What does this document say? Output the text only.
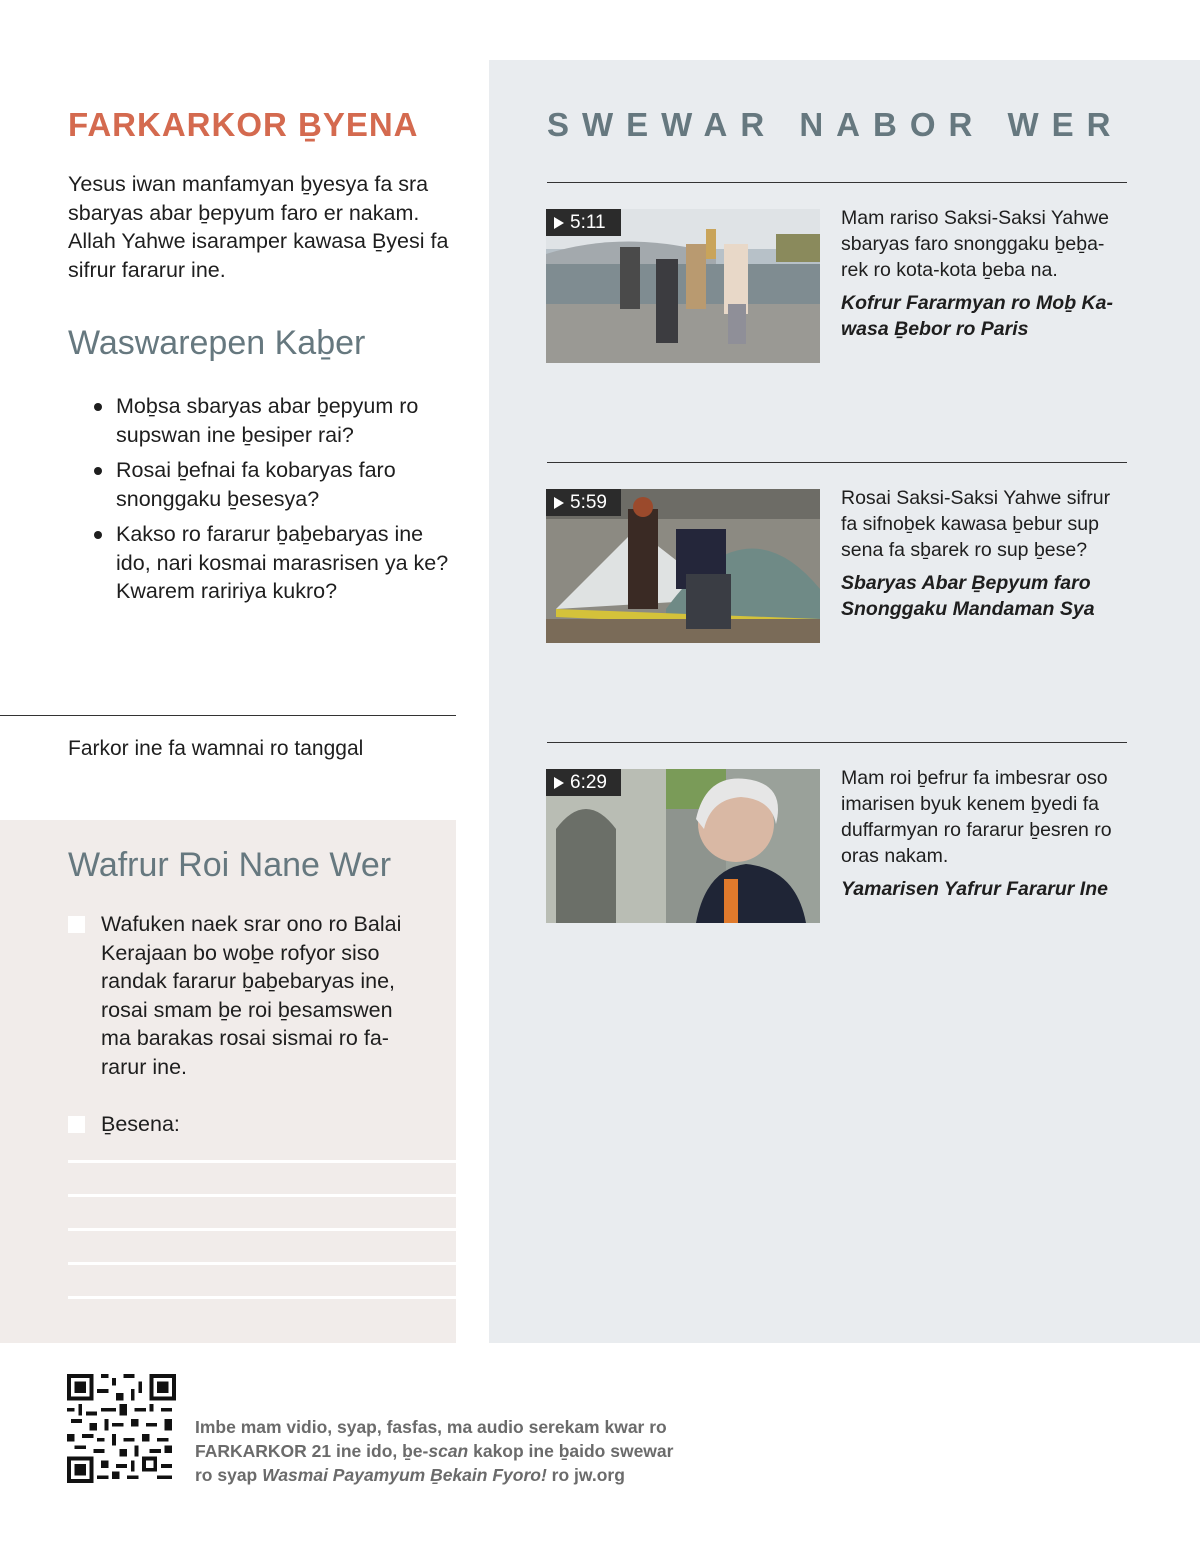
FARKARKOR ḆYENA

Yesus iwan manfamyan ḇyesya fa sra sbaryas abar ḇepyum faro er nakam. Allah Yahwe isaramper kawasa Ḇyesi fa sifrur fararur ine.

Waswarepen Kaḇer
Moḇsa sbaryas abar ḇepyum ro supswan ine ḇesiper rai?
Rosai ḇefnai fa kobaryas faro snonggaku ḇesesya?
Kakso ro fararur ḇaḇebaryas ine ido, nari kosmai marasrisen ya ke? Kwarem raririya kukro?
Farkor ine fa wamnai ro tanggal
Wafrur Roi Nane Wer
Wafuken naek srar ono ro Balai Kerajaan bo woḇe rofyor siso randak fararur ḇaḇebaryas ine, rosai smam ḇe roi ḇesamswen ma barakas rosai sismai ro fa-rarur ine.
Ḇesena:
SWEWAR NABOR WER
5:11	Mam rariso Saksi-Saksi Yahwe sbaryas faro snonggaku ḇeḇa-rek ro kota-kota ḇeba na.
Kofrur Fararmyan ro Moḇ Ka-wasa Ḇebor ro Paris
5:59	Rosai Saksi-Saksi Yahwe sifrur fa sifnoḇek kawasa ḇebur sup sena fa sḇarek ro sup ḇese?
Sbaryas Abar Ḇepyum faro Snonggaku Mandaman Sya
6:29	Mam roi ḇefrur fa imbesrar oso imarisen byuk kenem ḇyedi fa duffarmyan ro fararur ḇesren ro oras nakam.
Yamarisen Yafrur Fararur Ine
Imbe mam vidio, syap, fasfas, ma audio serekam kwar ro
FARKARKOR 21 ine ido, ḇe-scan kakop ine ḇaido swewar
ro syap Wasmai Payamyum Ḇekain Fyoro! ro jw.org
